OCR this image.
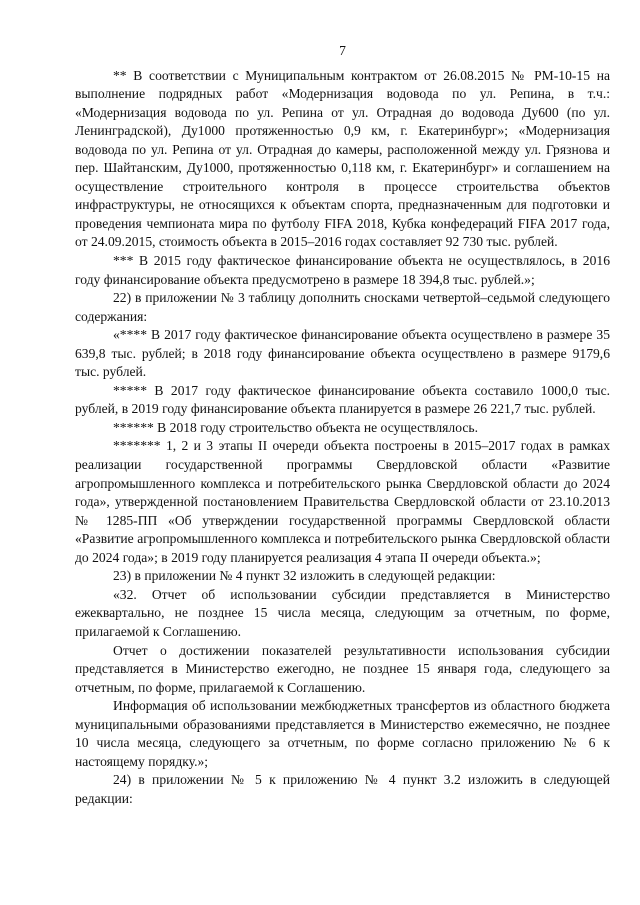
7

** В соответствии с Муниципальным контрактом от 26.08.2015 № РМ-10-15 на выполнение подрядных работ «Модернизация водовода по ул. Репина, в т.ч.: «Модернизация водовода по ул. Репина от ул. Отрадная до водовода Ду600 (по ул. Ленинградской), Ду1000 протяженностью 0,9 км, г. Екатеринбург»; «Модернизация водовода по ул. Репина от ул. Отрадная до камеры, расположенной между ул. Грязнова и пер. Шайтанским, Ду1000, протяженностью 0,118 км, г. Екатеринбург» и соглашением на осуществление строительного контроля в процессе строительства объектов инфраструктуры, не относящихся к объектам спорта, предназначенным для подготовки и проведения чемпионата мира по футболу FIFA 2018, Кубка конфедераций FIFA 2017 года, от 24.09.2015, стоимость объекта в 2015–2016 годах составляет 92 730 тыс. рублей.

*** В 2015 году фактическое финансирование объекта не осуществлялось, в 2016 году финансирование объекта предусмотрено в размере 18 394,8 тыс. рублей.»;

22) в приложении № 3 таблицу дополнить сносками четвертой–седьмой следующего содержания:

«**** В 2017 году фактическое финансирование объекта осуществлено в размере 35 639,8 тыс. рублей; в 2018 году финансирование объекта осуществлено в размере 9179,6 тыс. рублей.

***** В 2017 году фактическое финансирование объекта составило 1000,0 тыс. рублей, в 2019 году финансирование объекта планируется в размере 26 221,7 тыс. рублей.

****** В 2018 году строительство объекта не осуществлялось.

******* 1, 2 и 3 этапы II очереди объекта построены в 2015–2017 годах в рамках реализации государственной программы Свердловской области «Развитие агропромышленного комплекса и потребительского рынка Свердловской области до 2024 года», утвержденной постановлением Правительства Свердловской области от 23.10.2013 № 1285-ПП «Об утверждении государственной программы Свердловской области «Развитие агропромышленного комплекса и потребительского рынка Свердловской области до 2024 года»; в 2019 году планируется реализация 4 этапа II очереди объекта.»;

23) в приложении № 4 пункт 32 изложить в следующей редакции:

«32. Отчет об использовании субсидии представляется в Министерство ежеквартально, не позднее 15 числа месяца, следующим за отчетным, по форме, прилагаемой к Соглашению.

Отчет о достижении показателей результативности использования субсидии представляется в Министерство ежегодно, не позднее 15 января года, следующего за отчетным, по форме, прилагаемой к Соглашению.

Информация об использовании межбюджетных трансфертов из областного бюджета муниципальными образованиями представляется в Министерство ежемесячно, не позднее 10 числа месяца, следующего за отчетным, по форме согласно приложению № 6 к настоящему порядку.»;

24) в приложении № 5 к приложению № 4 пункт 3.2 изложить в следующей редакции:
